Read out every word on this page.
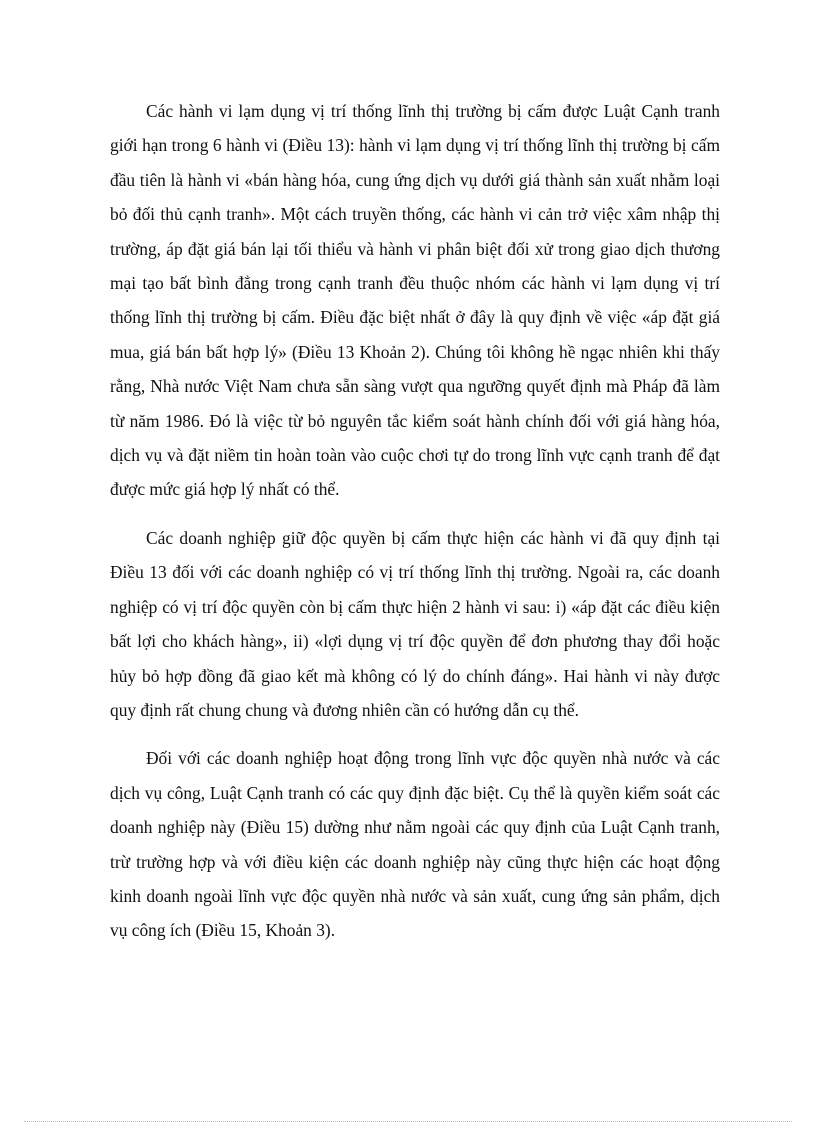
Các hành vi lạm dụng vị trí thống lĩnh thị trường bị cấm được Luật Cạnh tranh giới hạn trong 6 hành vi (Điều 13): hành vi lạm dụng vị trí thống lĩnh thị trường bị cấm đầu tiên là hành vi «bán hàng hóa, cung ứng dịch vụ dưới giá thành sản xuất nhằm loại bỏ đối thủ cạnh tranh». Một cách truyền thống, các hành vi cản trở việc xâm nhập thị trường, áp đặt giá bán lại tối thiểu và hành vi phân biệt đối xử trong giao dịch thương mại tạo bất bình đẳng trong cạnh tranh đều thuộc nhóm các hành vi lạm dụng vị trí thống lĩnh thị trường bị cấm. Điều đặc biệt nhất ở đây là quy định về việc «áp đặt giá mua, giá bán bất hợp lý» (Điều 13 Khoản 2). Chúng tôi không hề ngạc nhiên khi thấy rằng, Nhà nước Việt Nam chưa sẵn sàng vượt qua ngưỡng quyết định mà Pháp đã làm từ năm 1986. Đó là việc từ bỏ nguyên tắc kiểm soát hành chính đối với giá hàng hóa, dịch vụ và đặt niềm tin hoàn toàn vào cuộc chơi tự do trong lĩnh vực cạnh tranh để đạt được mức giá hợp lý nhất có thể.

Các doanh nghiệp giữ độc quyền bị cấm thực hiện các hành vi đã quy định tại Điều 13 đối với các doanh nghiệp có vị trí thống lĩnh thị trường. Ngoài ra, các doanh nghiệp có vị trí độc quyền còn bị cấm thực hiện 2 hành vi sau: i) «áp đặt các điều kiện bất lợi cho khách hàng», ii) «lợi dụng vị trí độc quyền để đơn phương thay đổi hoặc hủy bỏ hợp đồng đã giao kết mà không có lý do chính đáng». Hai hành vi này được quy định rất chung chung và đương nhiên cần có hướng dẫn cụ thể.

Đối với các doanh nghiệp hoạt động trong lĩnh vực độc quyền nhà nước và các dịch vụ công, Luật Cạnh tranh có các quy định đặc biệt. Cụ thể là quyền kiểm soát các doanh nghiệp này (Điều 15) dường như nằm ngoài các quy định của Luật Cạnh tranh, trừ trường hợp và với điều kiện các doanh nghiệp này cũng thực hiện các hoạt động kinh doanh ngoài lĩnh vực độc quyền nhà nước và sản xuất, cung ứng sản phẩm, dịch vụ công ích (Điều 15, Khoản 3).
